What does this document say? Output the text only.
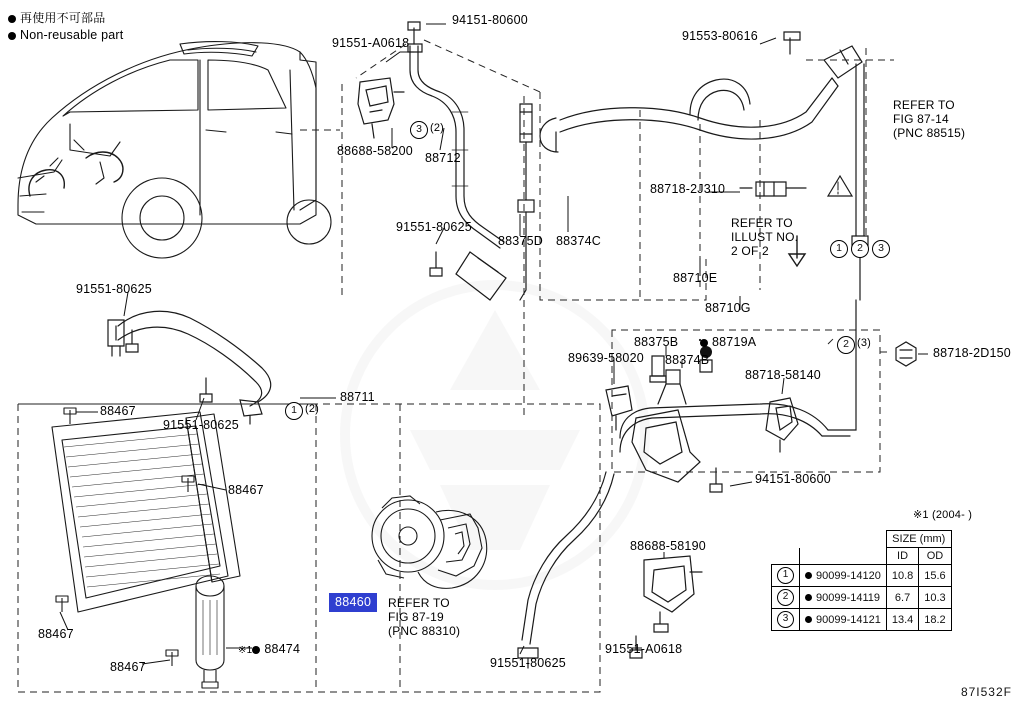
再使用不可部品
Non-reusable part
94151-80600
91551-A0618	91553-80616
88688-58200 88712
88718-2J310
91551-80625
88375D 88374C
88710E
88710G
91551-80625
88375B	88719A
89639-58020 88374B	88718-2D150
88718-58140
88711
91551-80625
88467
88467
94151-80600
88688-58190
88467
88467
※1 88474
91551-80625
91551-A0618
3 (2)
1 (2)
2 (3)
1	2	3
REFER TO
FIG 87-14
(PNC 88515)
REFER TO
ILLUST NO.
2 OF 2
REFER TO
FIG 87-19
(PNC 88310)
88460
※1 (2004- )
		SIZE (mm)	
		ID	OD
1	90099-14120	10.8	15.6
2	90099-14119	6.7	10.3
3	90099-14121	13.4	18.2
87I532F
